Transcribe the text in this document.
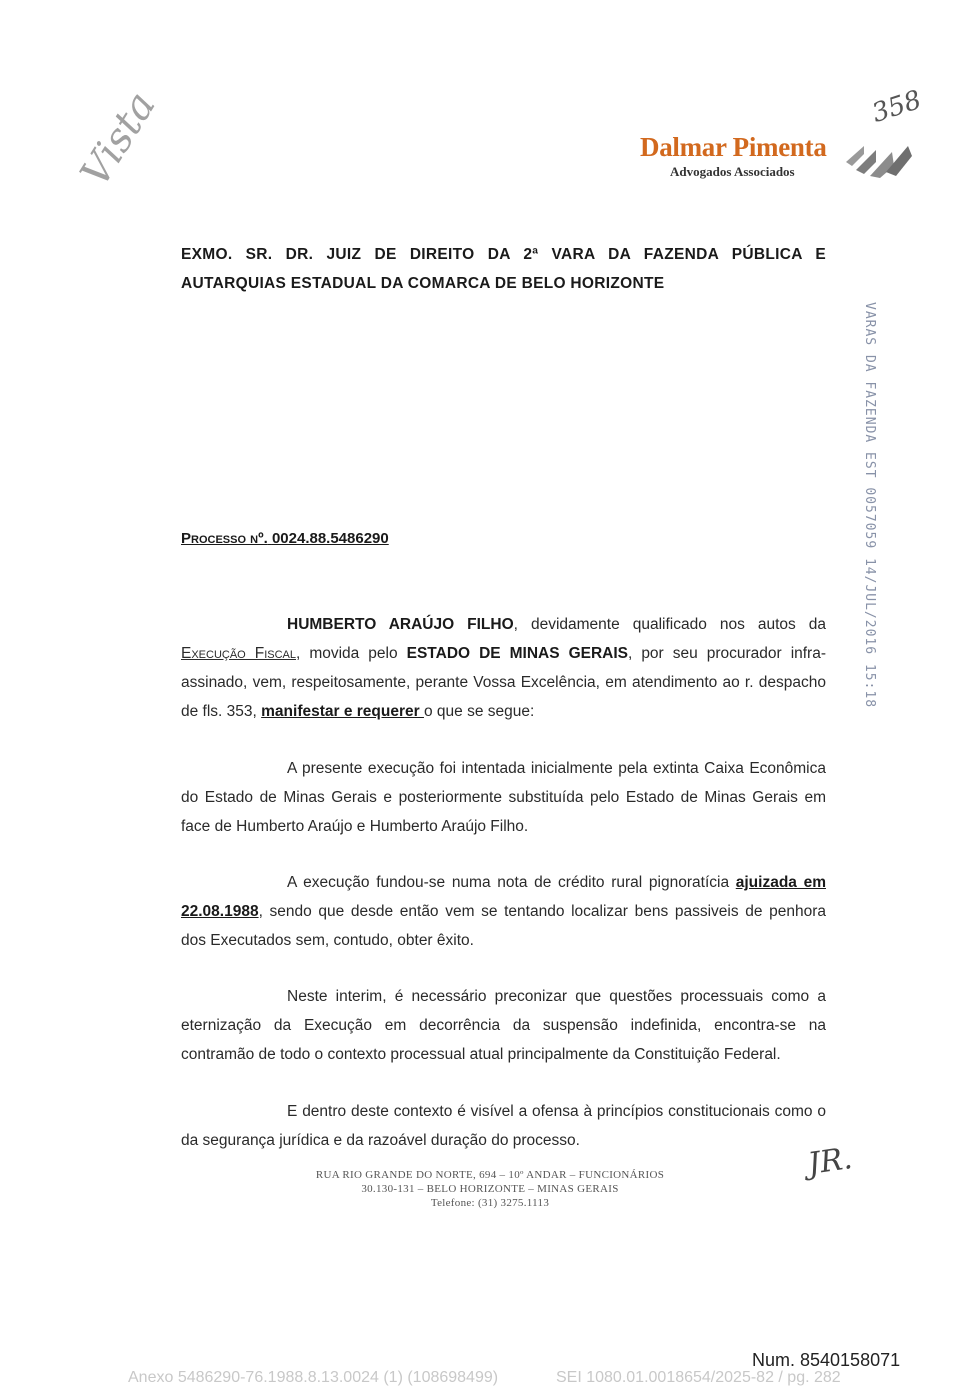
Vista	Dalmar Pimenta
Advogados Associados
358
EXMO. SR. DR. JUIZ DE DIREITO DA 2ª VARA DA FAZENDA PÚBLICA E AUTARQUIAS ESTADUAL DA COMARCA DE BELO HORIZONTE
VARAS DA FAZENDA EST 0057059 14/JUL/2016 15:18
Processo nº. 0024.88.5486290
HUMBERTO ARAÚJO FILHO, devidamente qualificado nos autos da Execução Fiscal, movida pelo ESTADO DE MINAS GERAIS, por seu procurador infra-assinado, vem, respeitosamente, perante Vossa Excelência, em atendimento ao r. despacho de fls. 353, manifestar e requerer o que se segue:
A presente execução foi intentada inicialmente pela extinta Caixa Econômica do Estado de Minas Gerais e posteriormente substituída pelo Estado de Minas Gerais em face de Humberto Araújo e Humberto Araújo Filho.
A execução fundou-se numa nota de crédito rural pignoratícia ajuizada em 22.08.1988, sendo que desde então vem se tentando localizar bens passiveis de penhora dos Executados sem, contudo, obter êxito.
Neste interim, é necessário preconizar que questões processuais como a eternização da Execução em decorrência da suspensão indefinida, encontra-se na contramão de todo o contexto processual atual principalmente da Constituição Federal.
E dentro deste contexto é visível a ofensa à princípios constitucionais como o da segurança jurídica e da razoável duração do processo.
RUA RIO GRANDE DO NORTE, 694 – 10º ANDAR – FUNCIONÁRIOS
30.130-131 – BELO HORIZONTE – MINAS GERAIS
Telefone: (31) 3275.1113
JR.
Num. 8540158071
Anexo 5486290-76.1988.8.13.0024 (1) (108698499)	SEI 1080.01.0018654/2025-82 / pg. 282
